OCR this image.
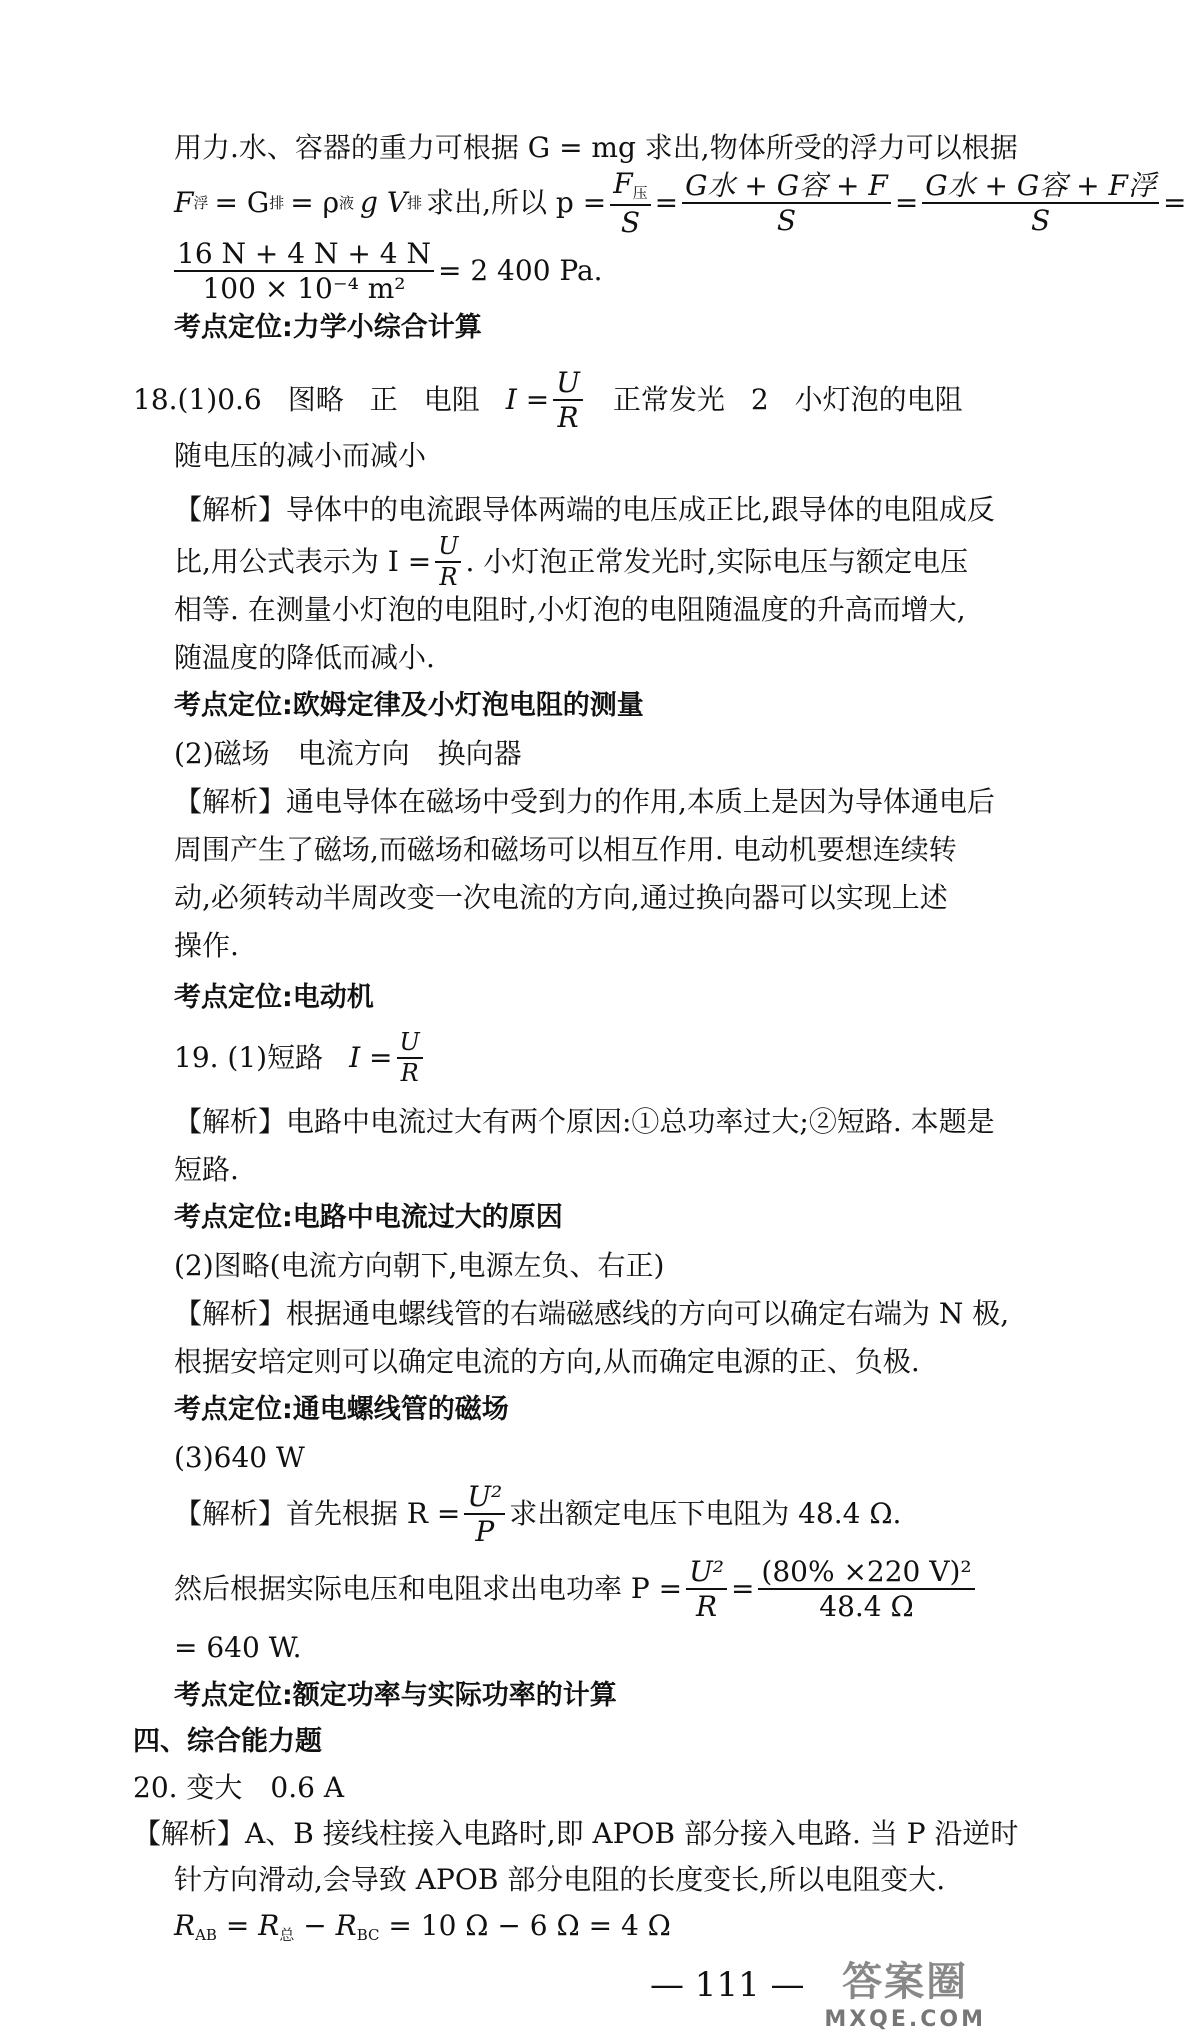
用力.水、容器的重力可根据 G = mg 求出,物体所受的浮力可以根据
F 浮 = G 排 = ρ 液 g V 排 求出,所以 $p = \frac{F_压}{S} = \frac{\text{G水 + G容 + F}}{S} = \frac{\text{G水 + G容 + F浮}}{S}$ =
$\frac{16 N + 4 N + 4 N}{\text{100 × 10⁻⁴ m²}} = 2$ 400 Pa.
考点定位:力学小综合计算
18. (1)0.6 图略 正 电阻 $I = \frac{U}{R}$ 正常发光 2 小灯泡的电阻
随电压的减小而减小
【解析】导体中的电流跟导体两端的电压成正比,跟导体的电阻成反
比,用公式表示为 $I = \frac{U}{R}$ . 小灯泡正常发光时,实际电压与额定电压
相等. 在测量小灯泡的电阻时,小灯泡的电阻随温度的升高而增大,
随温度的降低而减小.
考点定位:欧姆定律及小灯泡电阻的测量
(2)磁场　电流方向　换向器
【解析】通电导体在磁场中受到力的作用,本质上是因为导体通电后
周围产生了磁场,而磁场和磁场可以相互作用. 电动机要想连续转
动,必须转动半周改变一次电流的方向,通过换向器可以实现上述
操作.
考点定位:电动机
19. (1)短路 $I = \frac{U}{R}$
【解析】电路中电流过大有两个原因:①总功率过大;②短路. 本题是
短路.
考点定位:电路中电流过大的原因
(2)图略(电流方向朝下,电源左负、右正)
【解析】根据通电螺线管的右端磁感线的方向可以确定右端为 N 极,
根据安培定则可以确定电流的方向,从而确定电源的正、负极.
考点定位:通电螺线管的磁场
(3)640 W
【解析】首先根据 $R = \frac{\text{U²}}{P}$ 求出额定电压下电阻为 48.4 Ω.
然后根据实际电压和电阻求出电功率 $P = \frac{\text{U²}}{R} = \frac{\text{(80\% ×220 V)²}}{48.4 \Omega}$
= 640 W.
考点定位:额定功率与实际功率的计算
四、综合能力题
20. 变大　0.6 A
【解析】A、B 接线柱接入电路时,即 APOB 部分接入电路. 当 P 沿逆时
针方向滑动,会导致 APOB 部分电阻的长度变长,所以电阻变大.
$R_{AB} = R_总 - R_{BC} = 10$ Ω − 6 Ω = 4 Ω
— 111 — 答案圈
MXQE.COM
